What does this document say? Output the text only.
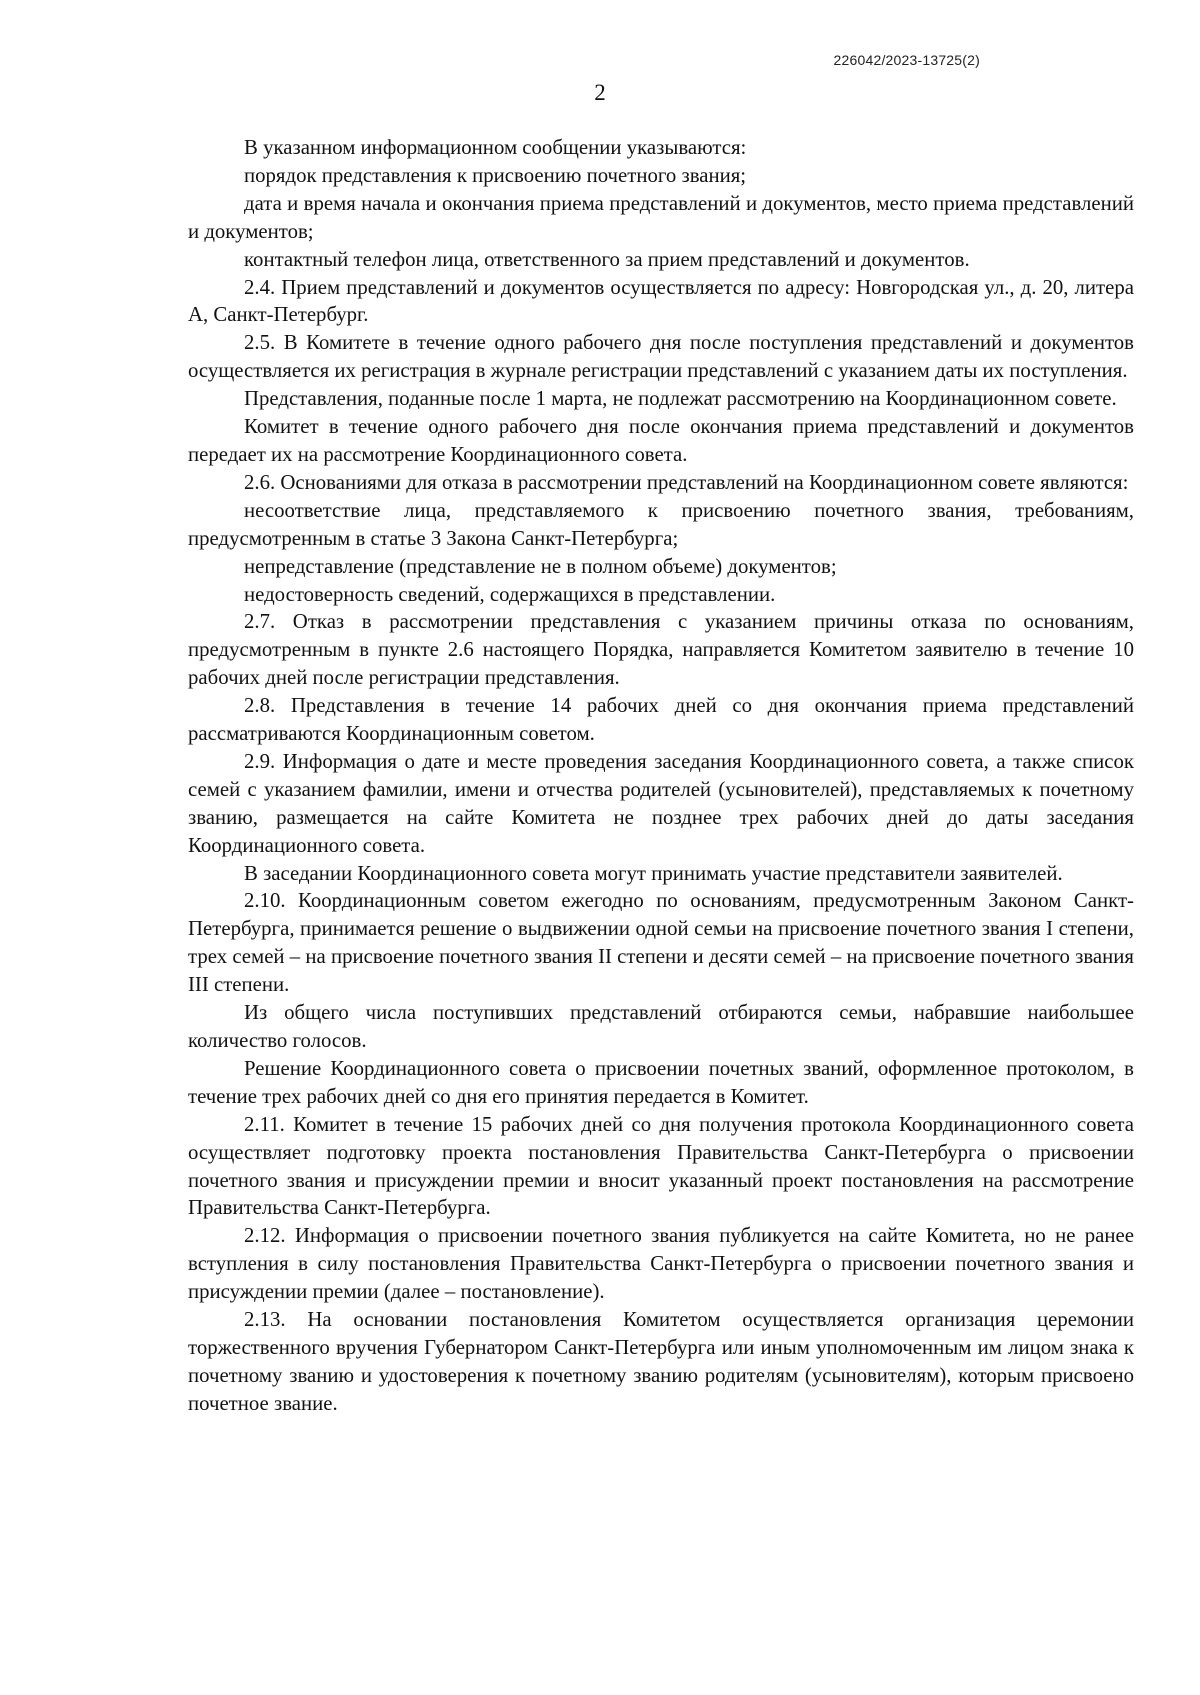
226042/2023-13725(2)
2

В указанном информационном сообщении указываются:

порядок представления к присвоению почетного звания;

дата и время начала и окончания приема представлений и документов, место приема представлений и документов;

контактный телефон лица, ответственного за прием представлений и документов.

2.4. Прием представлений и документов осуществляется по адресу: Новгородская ул., д. 20, литера А, Санкт-Петербург.

2.5. В Комитете в течение одного рабочего дня после поступления представлений и документов осуществляется их регистрация в журнале регистрации представлений с указанием даты их поступления.

Представления, поданные после 1 марта, не подлежат рассмотрению на Координационном совете.

Комитет в течение одного рабочего дня после окончания приема представлений и документов передает их на рассмотрение Координационного совета.

2.6. Основаниями для отказа в рассмотрении представлений на Координационном совете являются:

несоответствие лица, представляемого к присвоению почетного звания, требованиям, предусмотренным в статье 3 Закона Санкт-Петербурга;

непредставление (представление не в полном объеме) документов;

недостоверность сведений, содержащихся в представлении.

2.7. Отказ в рассмотрении представления с указанием причины отказа по основаниям, предусмотренным в пункте 2.6 настоящего Порядка, направляется Комитетом заявителю в течение 10 рабочих дней после регистрации представления.

2.8. Представления в течение 14 рабочих дней со дня окончания приема представлений рассматриваются Координационным советом.

2.9. Информация о дате и месте проведения заседания Координационного совета, а также список семей с указанием фамилии, имени и отчества родителей (усыновителей), представляемых к почетному званию, размещается на сайте Комитета не позднее трех рабочих дней до даты заседания Координационного совета.

В заседании Координационного совета могут принимать участие представители заявителей.

2.10. Координационным советом ежегодно по основаниям, предусмотренным Законом Санкт-Петербурга, принимается решение о выдвижении одной семьи на присвоение почетного звания I степени, трех семей – на присвоение почетного звания II степени и десяти семей – на присвоение почетного звания III степени.

Из общего числа поступивших представлений отбираются семьи, набравшие наибольшее количество голосов.

Решение Координационного совета о присвоении почетных званий, оформленное протоколом, в течение трех рабочих дней со дня его принятия передается в Комитет.

2.11. Комитет в течение 15 рабочих дней со дня получения протокола Координационного совета осуществляет подготовку проекта постановления Правительства Санкт-Петербурга о присвоении почетного звания и присуждении премии и вносит указанный проект постановления на рассмотрение Правительства Санкт-Петербурга.

2.12. Информация о присвоении почетного звания публикуется на сайте Комитета, но не ранее вступления в силу постановления Правительства Санкт-Петербурга о присвоении почетного звания и присуждении премии (далее – постановление).

2.13. На основании постановления Комитетом осуществляется организация церемонии торжественного вручения Губернатором Санкт-Петербурга или иным уполномоченным им лицом знака к почетному званию и удостоверения к почетному званию родителям (усыновителям), которым присвоено почетное звание.
